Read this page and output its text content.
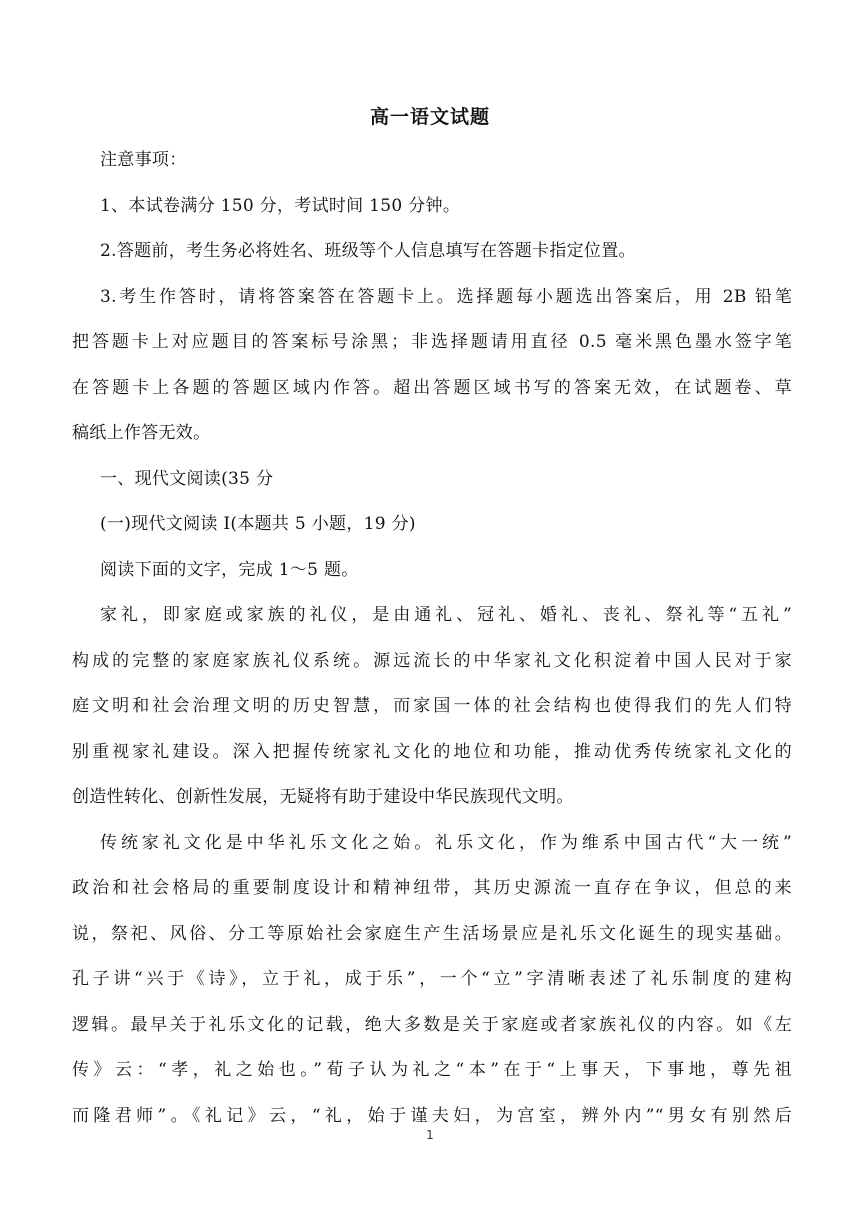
高一语文试题
注意事项：
1、本试卷满分 150 分，考试时间 150 分钟。
2.答题前，考生务必将姓名、班级等个人信息填写在答题卡指定位置。
3.考生作答时，请将答案答在答题卡上。选择题每小题选出答案后，用 2B 铅笔
把答题卡上对应题目的答案标号涂黑；非选择题请用直径 0.5 毫米黑色墨水签字笔
在答题卡上各题的答题区域内作答。超出答题区域书写的答案无效，在试题卷、草
稿纸上作答无效。
一、现代文阅读(35 分
(一)现代文阅读 I(本题共 5 小题，19 分)
阅读下面的文字，完成 1～5 题。
家礼，即家庭或家族的礼仪，是由通礼、冠礼、婚礼、丧礼、祭礼等“五礼”
构成的完整的家庭家族礼仪系统。源远流长的中华家礼文化积淀着中国人民对于家
庭文明和社会治理文明的历史智慧，而家国一体的社会结构也使得我们的先人们特
别重视家礼建设。深入把握传统家礼文化的地位和功能，推动优秀传统家礼文化的
创造性转化、创新性发展，无疑将有助于建设中华民族现代文明。
传统家礼文化是中华礼乐文化之始。礼乐文化，作为维系中国古代“大一统”
政治和社会格局的重要制度设计和精神纽带，其历史源流一直存在争议，但总的来
说，祭祀、风俗、分工等原始社会家庭生产生活场景应是礼乐文化诞生的现实基础。
孔子讲“兴于《诗》，立于礼，成于乐”，一个“立”字清晰表述了礼乐制度的建构
逻辑。最早关于礼乐文化的记载，绝大多数是关于家庭或者家族礼仪的内容。如《左
传》云：“孝，礼之始也。”荀子认为礼之“本”在于“上事天，下事地，尊先祖
而隆君师”。《礼记》云，“礼，始于谨夫妇，为宫室，辨外内”“男女有别然后
1
